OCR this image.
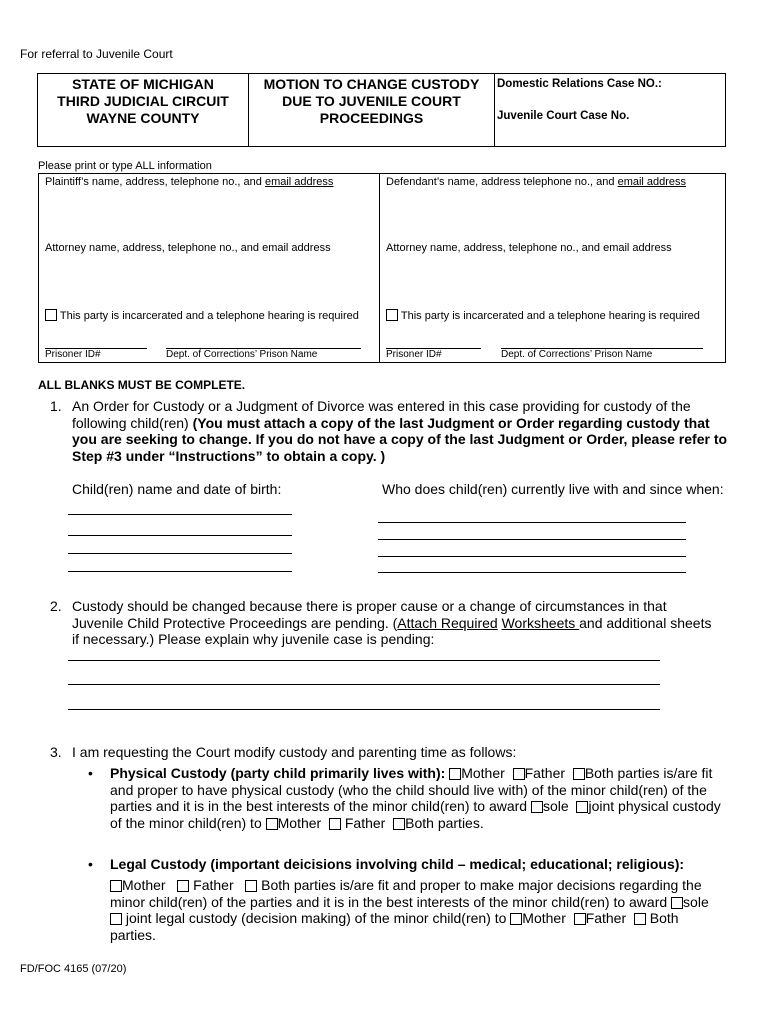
For referral to Juvenile Court
STATE OF MICHIGAN
THIRD JUDICIAL CIRCUIT
WAYNE COUNTY
MOTION TO CHANGE CUSTODY
DUE TO JUVENILE COURT
PROCEEDINGS
Domestic Relations Case NO.:
Juvenile Court Case No.
Please print or type ALL information
Plaintiff’s name, address, telephone no., and email address	Defendant’s name, address telephone no., and email address
Attorney name, address, telephone no., and email address	Attorney name, address, telephone no., and email address
This party is incarcerated and a telephone hearing is required	This party is incarcerated and a telephone hearing is required
Prisoner ID#	Dept. of Corrections’ Prison Name	Prisoner ID#	Dept. of Corrections’ Prison Name
ALL BLANKS MUST BE COMPLETE.
1. An Order for Custody or a Judgment of Divorce was entered in this case providing for custody of the following child(ren) (You must attach a copy of the last Judgment or Order regarding custody that you are seeking to change. If you do not have a copy of the last Judgment or Order, please refer to Step #3 under “Instructions” to obtain a copy. )
Child(ren) name and date of birth:	Who does child(ren) currently live with and since when:
2. Custody should be changed because there is proper cause or a change of circumstances in that Juvenile Child Protective Proceedings are pending. (Attach Required Worksheets and additional sheets if necessary.) Please explain why juvenile case is pending:
3. I am requesting the Court modify custody and parenting time as follows:
• Physical Custody (party child primarily lives with): Mother Father Both parties is/are fit and proper to have physical custody (who the child should live with) of the minor child(ren) of the parties and it is in the best interests of the minor child(ren) to award sole joint physical custody of the minor child(ren) to Mother Father Both parties.
• Legal Custody (important deicisions involving child – medical; educational; religious):
Mother Father Both parties is/are fit and proper to make major decisions regarding the minor child(ren) of the parties and it is in the best interests of the minor child(ren) to award sole  joint legal custody (decision making) of the minor child(ren) to Mother Father Both parties.
FD/FOC 4165 (07/20)
